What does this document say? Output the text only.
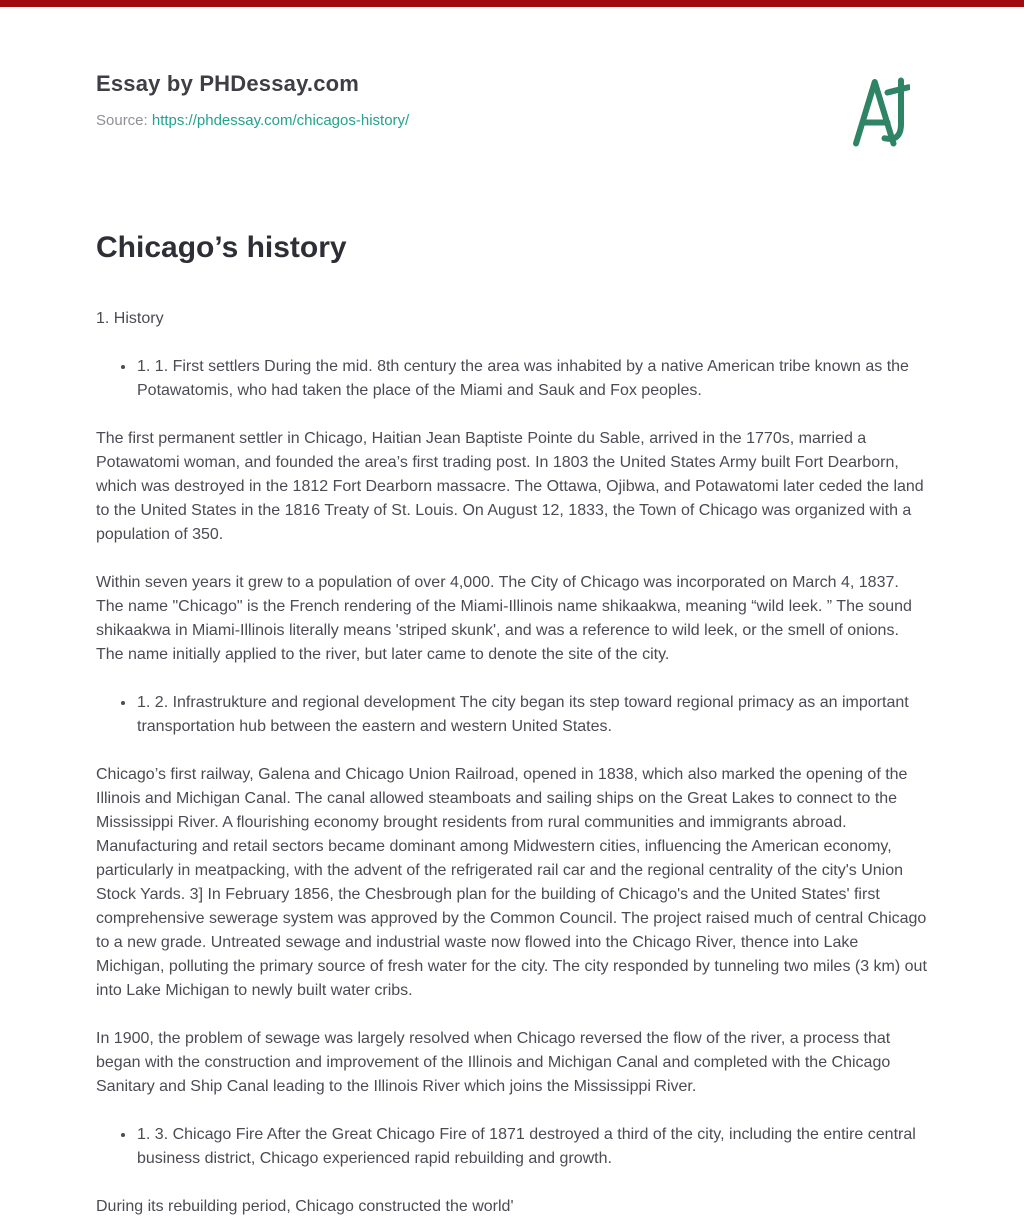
Essay by PHDessay.com

Source: https://phdessay.com/chicagos-history/

Chicago’s history

1. History

1. 1. First settlers During the mid. 8th century the area was inhabited by a native American tribe known as the Potawatomis, who had taken the place of the Miami and Sauk and Fox peoples.

The first permanent settler in Chicago, Haitian Jean Baptiste Pointe du Sable, arrived in the 1770s, married a Potawatomi woman, and founded the area’s first trading post. In 1803 the United States Army built Fort Dearborn, which was destroyed in the 1812 Fort Dearborn massacre. The Ottawa, Ojibwa, and Potawatomi later ceded the land to the United States in the 1816 Treaty of St. Louis. On August 12, 1833, the Town of Chicago was organized with a population of 350.

Within seven years it grew to a population of over 4,000. The City of Chicago was incorporated on March 4, 1837. The name "Chicago" is the French rendering of the Miami-Illinois name shikaakwa, meaning “wild leek. ” The sound shikaakwa in Miami-Illinois literally means 'striped skunk', and was a reference to wild leek, or the smell of onions. The name initially applied to the river, but later came to denote the site of the city.

1. 2. Infrastrukture and regional development The city began its step toward regional primacy as an important transportation hub between the eastern and western United States.

Chicago’s first railway, Galena and Chicago Union Railroad, opened in 1838, which also marked the opening of the Illinois and Michigan Canal. The canal allowed steamboats and sailing ships on the Great Lakes to connect to the Mississippi River. A flourishing economy brought residents from rural communities and immigrants abroad. Manufacturing and retail sectors became dominant among Midwestern cities, influencing the American economy, particularly in meatpacking, with the advent of the refrigerated rail car and the regional centrality of the city's Union Stock Yards. 3] In February 1856, the Chesbrough plan for the building of Chicago's and the United States' first comprehensive sewerage system was approved by the Common Council. The project raised much of central Chicago to a new grade. Untreated sewage and industrial waste now flowed into the Chicago River, thence into Lake Michigan, polluting the primary source of fresh water for the city. The city responded by tunneling two miles (3 km) out into Lake Michigan to newly built water cribs.

In 1900, the problem of sewage was largely resolved when Chicago reversed the flow of the river, a process that began with the construction and improvement of the Illinois and Michigan Canal and completed with the Chicago Sanitary and Ship Canal leading to the Illinois River which joins the Mississippi River.

1. 3. Chicago Fire After the Great Chicago Fire of 1871 destroyed a third of the city, including the entire central business district, Chicago experienced rapid rebuilding and growth.

During its rebuilding period, Chicago constructed the world'
